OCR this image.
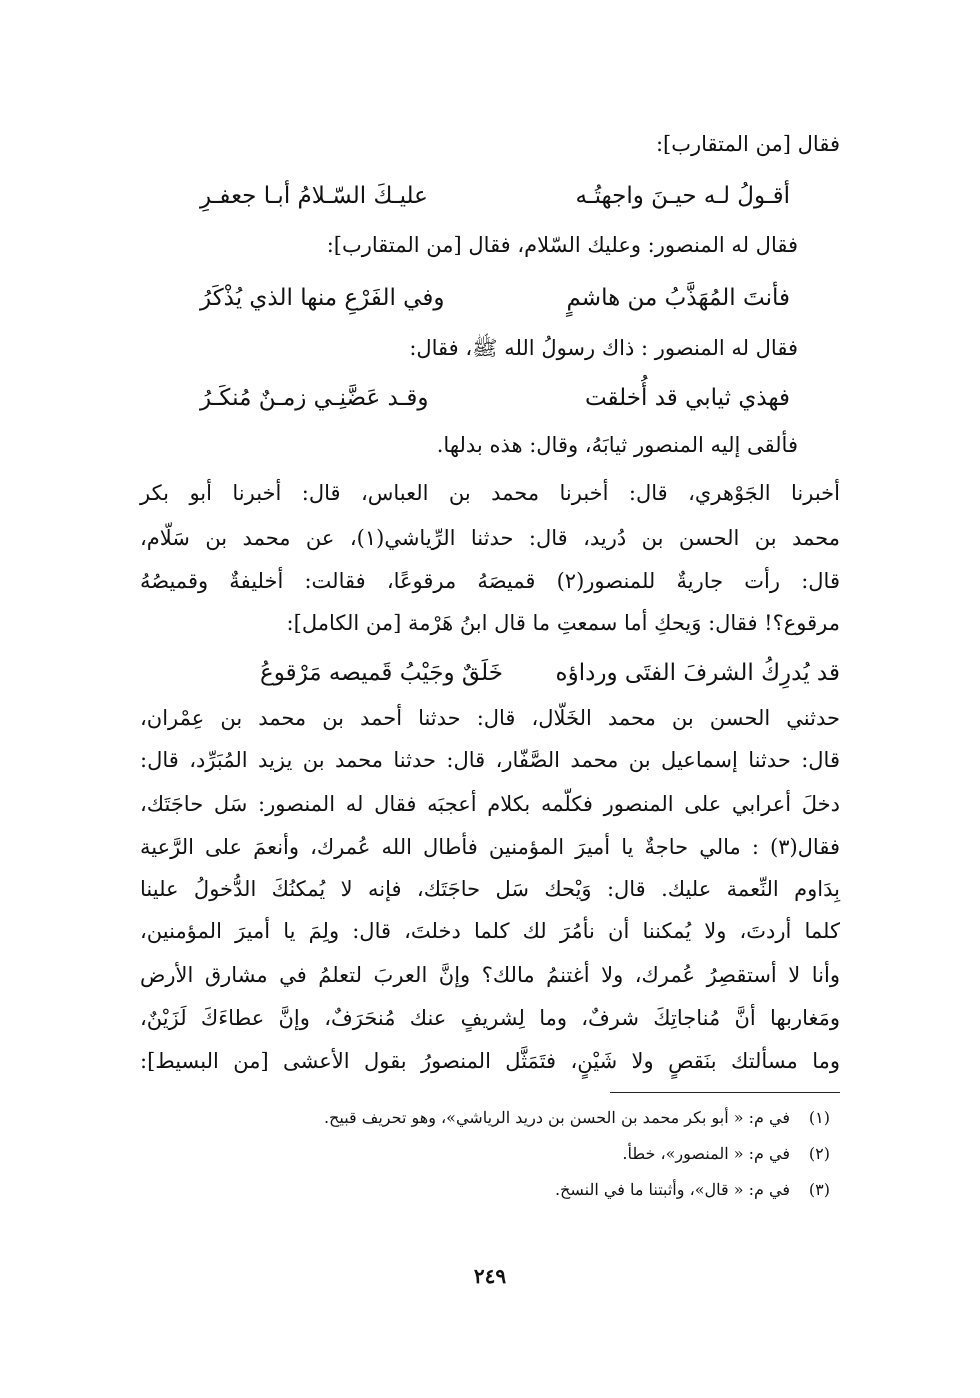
فقال [من المتقارب]:
أقـولُ لـه حيـنَ واجهتُـه
عليـكَ السّـلامُ أبـا جعفـرِ
فقال له المنصور: وعليك السّلام، فقال [من المتقارب]:
فأنتَ المُهَذَّبُ من هاشمٍ
وفي الفَرْعِ منها الذي يُذْكَرُ
فقال له المنصور : ذاك رسولُ الله ﷺ، فقال:
فهذي ثيابي قد أُخلقت
وقـد عَضَّنِـي زمـنٌ مُنكَـرُ
فألقى إليه المنصور ثيابَهُ، وقال: هذه بدلها.
أخبرنا الجَوْهري، قال: أخبرنا محمد بن العباس، قال: أخبرنا أبو بكر
محمد بن الحسن بن دُريد، قال: حدثنا الرِّياشي(١)، عن محمد بن سَلّام،
قال: رأت جاريةٌ للمنصور(٢) قميصَهُ مرقوعًا، فقالت: أخليفةٌ وقميصُهُ
مرقوع؟! فقال: وَيحكِ أما سمعتِ ما قال ابنُ هَرْمة [من الكامل]:
قد يُدرِكُ الشرفَ الفتَى ورداؤه
خَلَقٌ وجَيْبُ قَميصه مَرْقوعُ
حدثني الحسن بن محمد الخَلّال، قال: حدثنا أحمد بن محمد بن عِمْران،
قال: حدثنا إسماعيل بن محمد الصَّفّار، قال: حدثنا محمد بن يزيد المُبَرِّد، قال:
دخلَ أعرابي على المنصور فكلّمه بكلام أعجبَه فقال له المنصور: سَل حاجَتَك،
فقال(٣) : مالي حاجةٌ يا أميرَ المؤمنين فأطال الله عُمرك، وأنعمَ على الرَّعية
بِدَاوم النِّعمة عليك. قال: وَيْحك سَل حاجَتَك، فإنه لا يُمكنُكَ الدُّخولُ علينا
كلما أردتَ، ولا يُمكننا أن نأمُرَ لك كلما دخلتَ، قال: ولِمَ يا أميرَ المؤمنين،
وأنا لا أستقصِرُ عُمرك، ولا أغتنمُ مالك؟ وإنَّ العربَ لتعلمُ في مشارق الأرض
ومَغاربها أنَّ مُناجاتِكَ شرفٌ، وما لِشريفٍ عنك مُنحَرَفٌ، وإنَّ عطاءَكَ لَزَيْنٌ،
وما مسألتك بنَقصٍ ولا شَيْنٍ، فتَمَثَّل المنصورُ بقول الأعشى [من البسيط]:
(١)في م: « أبو بكر محمد بن الحسن بن دريد الرياشي»، وهو تحريف قبيح.
(٢)في م: « المنصور»، خطأ.
(٣)في م: « قال»، وأثبتنا ما في النسخ.
٢٤٩
